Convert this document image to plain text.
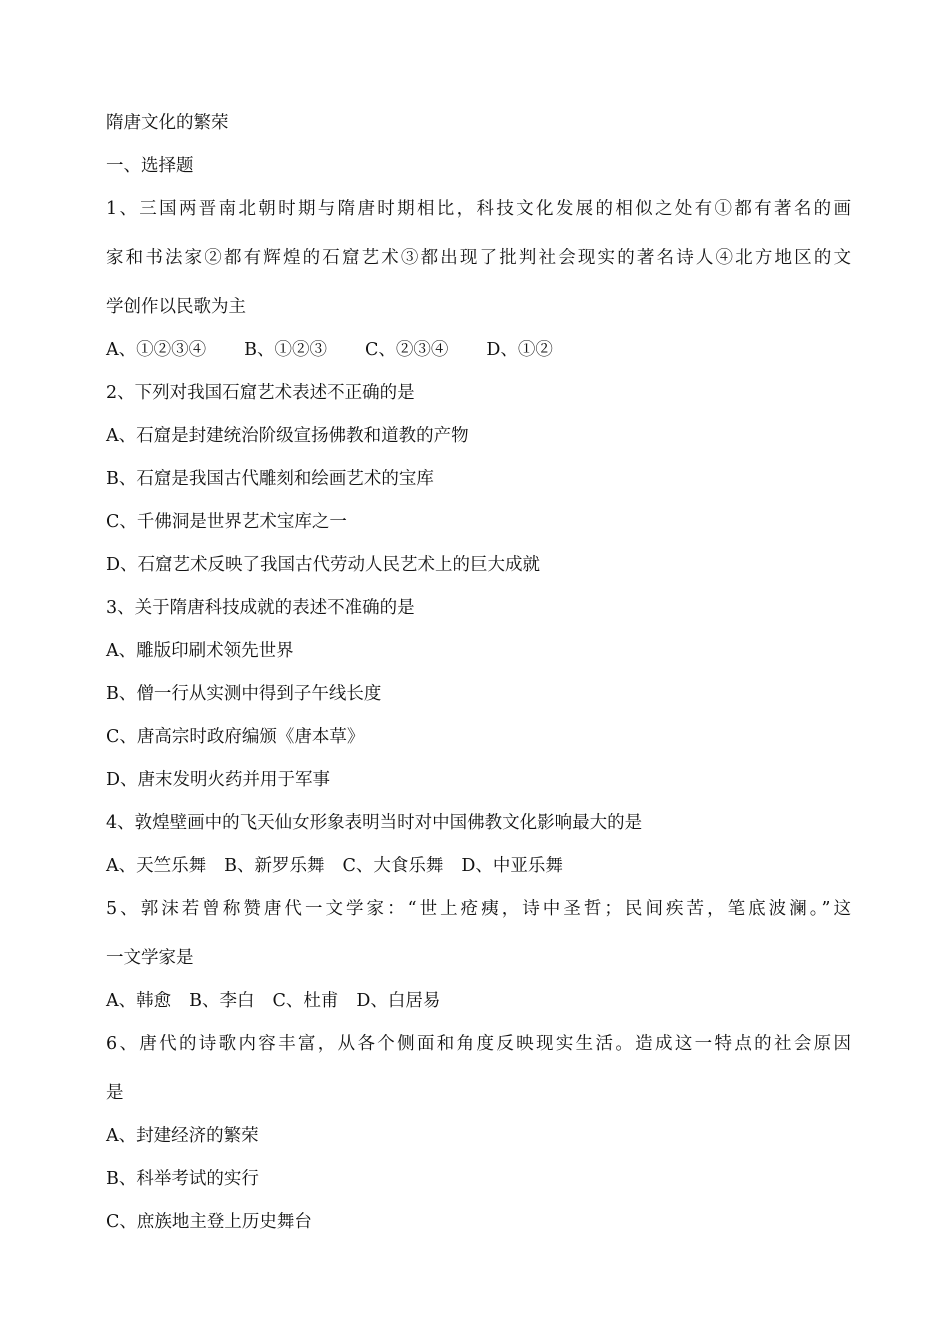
隋唐文化的繁荣

一、选择题

1、三国两晋南北朝时期与隋唐时期相比，科技文化发展的相似之处有①都有著名的画

家和书法家②都有辉煌的石窟艺术③都出现了批判社会现实的著名诗人④北方地区的文

学创作以民歌为主

A、①②③④ B、①②③ C、②③④ D、①②

2、下列对我国石窟艺术表述不正确的是

A、石窟是封建统治阶级宣扬佛教和道教的产物

B、石窟是我国古代雕刻和绘画艺术的宝库

C、千佛洞是世界艺术宝库之一

D、石窟艺术反映了我国古代劳动人民艺术上的巨大成就

3、关于隋唐科技成就的表述不准确的是

A、雕版印刷术领先世界

B、僧一行从实测中得到子午线长度

C、唐高宗时政府编颁《唐本草》

D、唐末发明火药并用于军事

4、敦煌壁画中的飞天仙女形象表明当时对中国佛教文化影响最大的是

A、天竺乐舞 B、新罗乐舞 C、大食乐舞 D、中亚乐舞

5、郭沫若曾称赞唐代一文学家：“世上疮痍，诗中圣哲；民间疾苦，笔底波澜。”这

一文学家是

A、韩愈 B、李白 C、杜甫 D、白居易

6、唐代的诗歌内容丰富，从各个侧面和角度反映现实生活。造成这一特点的社会原因

是

A、封建经济的繁荣

B、科举考试的实行

C、庶族地主登上历史舞台
